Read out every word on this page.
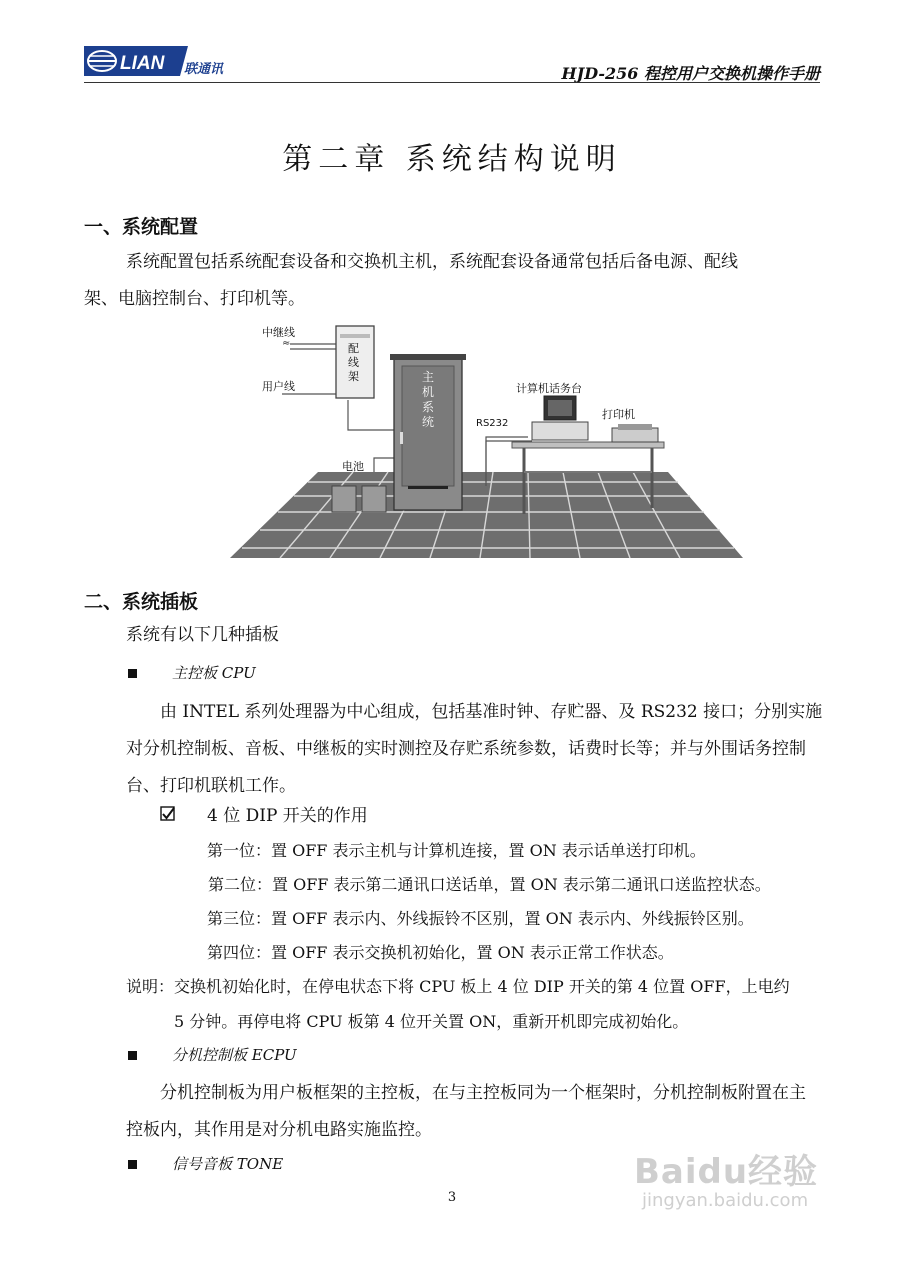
LIAN 联通讯	HJD-256 程控用户交换机操作手册
第二章 系统结构说明
一、系统配置
系统配置包括系统配套设备和交换机主机，系统配套设备通常包括后备电源、配线
架、电脑控制台、打印机等。
≈
中继线
用户线
配线架	主机系统
电池
RS232
计算机话务台
打印机
二、系统插板
系统有以下几种插板
主控板 CPU
由 INTEL 系列处理器为中心组成，包括基准时钟、存贮器、及 RS232 接口；分别实施
对分机控制板、音板、中继板的实时测控及存贮系统参数，话费时长等；并与外围话务控制
台、打印机联机工作。
4 位 DIP 开关的作用
第一位：置 OFF 表示主机与计算机连接，置 ON 表示话单送打印机。
第二位：置 OFF 表示第二通讯口送话单，置 ON 表示第二通讯口送监控状态。
第三位：置 OFF 表示内、外线振铃不区别，置 ON 表示内、外线振铃区别。
第四位：置 OFF 表示交换机初始化，置 ON 表示正常工作状态。
说明：交换机初始化时，在停电状态下将 CPU 板上 4 位 DIP 开关的第 4 位置 OFF，上电约
5 分钟。再停电将 CPU 板第 4 位开关置 ON，重新开机即完成初始化。
分机控制板 ECPU
分机控制板为用户板框架的主控板，在与主控板同为一个框架时，分机控制板附置在主
控板内，其作用是对分机电路实施监控。
信号音板 TONE
3
Baidu经验
jingyan.baidu.com
